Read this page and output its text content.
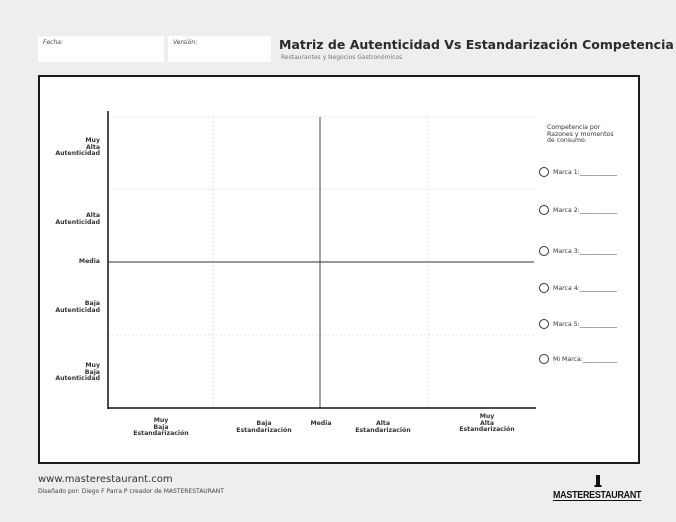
Fecha:	Versión:	Matriz de Autenticidad Vs Estandarización Competencia
Restaurantes y Negocios Gastronómicos
Muy
Alta
Autenticidad
Alta
Autenticidad
Media
Baja
Autenticidad
Muy
Baja
Autenticidad
Muy
Baja
Estandarización
Baja
Estandarización
Media	Alta
Estandarización
Muy
Alta
Estandarización
Competencia por
Razones y momentos
de consumo:
Marca 1:____________
Marca 2:____________
Marca 3:____________
Marca 4:____________
Marca 5:____________
Mi Marca:___________
www.masterestaurant.com
Diseñado por: Diego F Parra P creador de MASTERESTAURANT	MASTERESTAURANT
